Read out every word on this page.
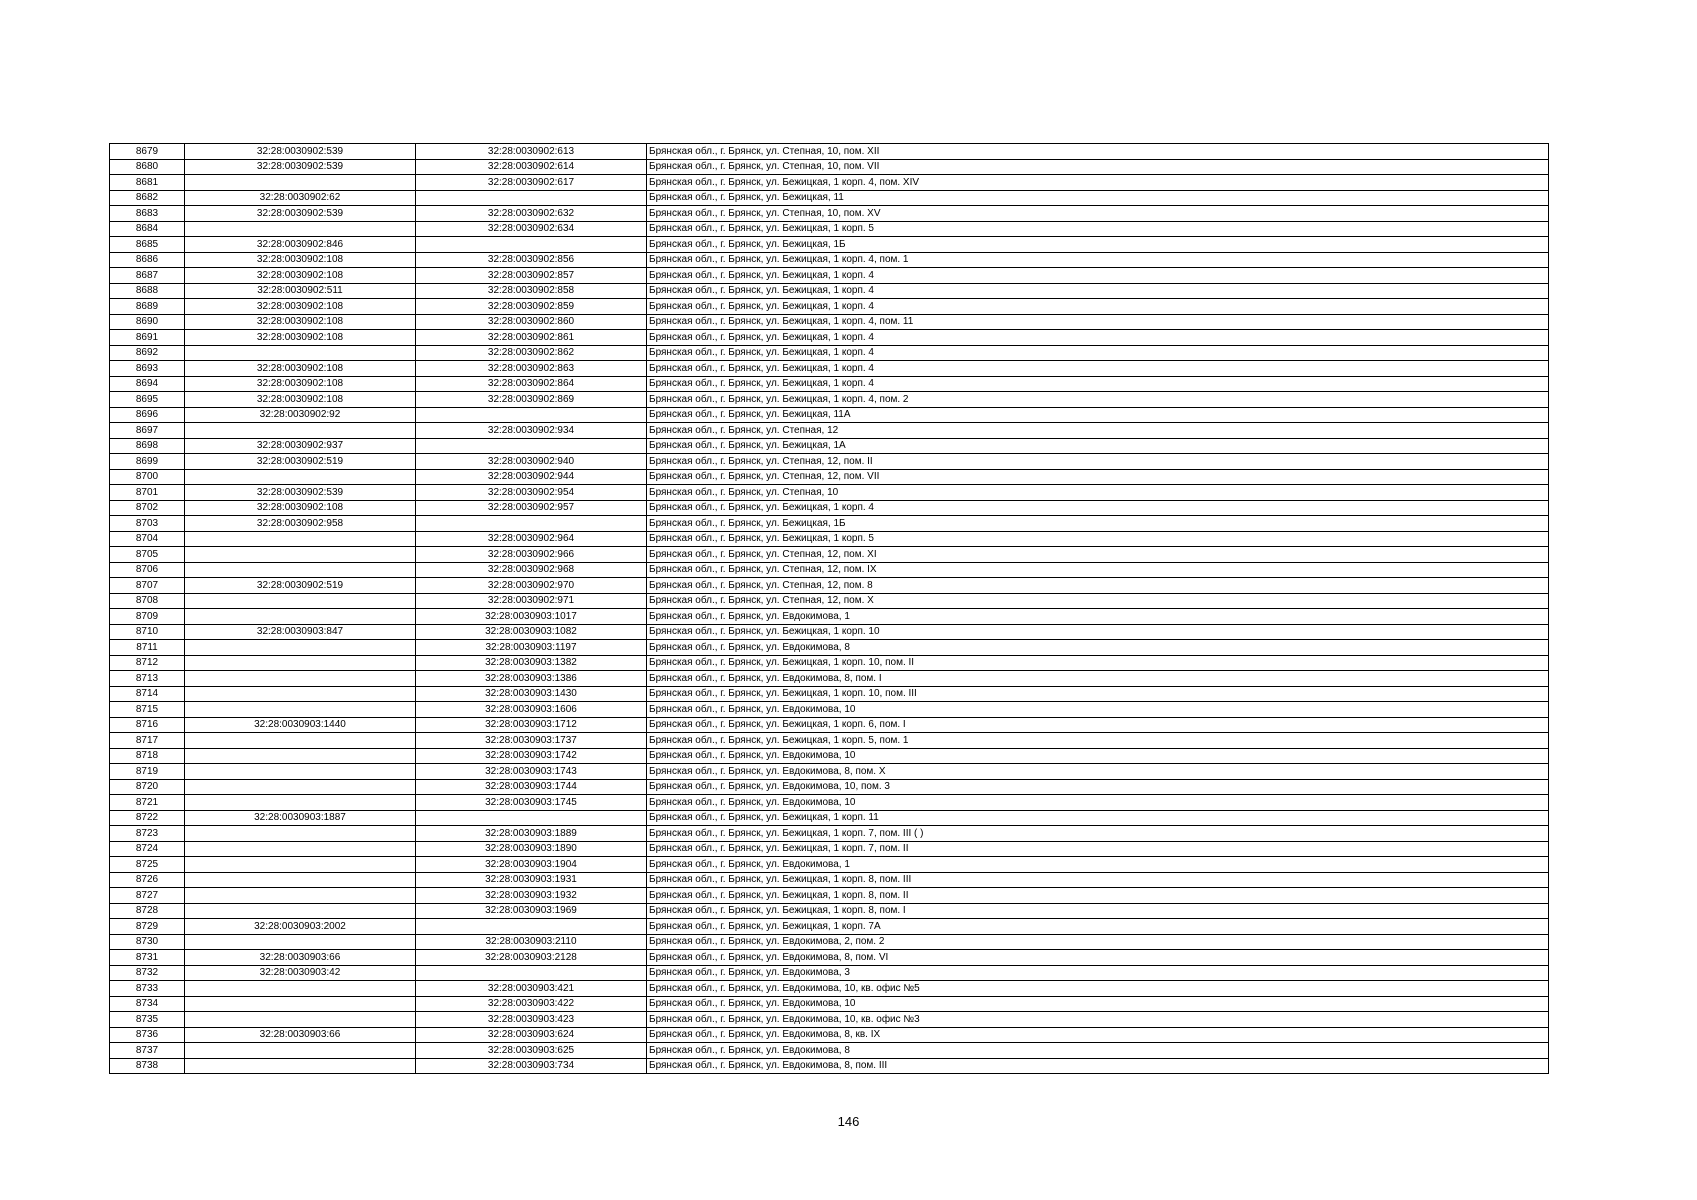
8679	32:28:0030902:539	32:28:0030902:613	Брянская обл., г. Брянск, ул. Степная, 10, пом. XII
8680	32:28:0030902:539	32:28:0030902:614	Брянская обл., г. Брянск, ул. Степная, 10, пом. VII
8681		32:28:0030902:617	Брянская обл., г. Брянск, ул. Бежицкая, 1 корп. 4, пом. XIV
8682	32:28:0030902:62		Брянская обл., г. Брянск, ул. Бежицкая, 11
8683	32:28:0030902:539	32:28:0030902:632	Брянская обл., г. Брянск, ул. Степная, 10, пом. XV
8684		32:28:0030902:634	Брянская обл., г. Брянск, ул. Бежицкая, 1 корп. 5
8685	32:28:0030902:846		Брянская обл., г. Брянск, ул. Бежицкая, 1Б
8686	32:28:0030902:108	32:28:0030902:856	Брянская обл., г. Брянск, ул. Бежицкая, 1 корп. 4, пом. 1
8687	32:28:0030902:108	32:28:0030902:857	Брянская обл., г. Брянск, ул. Бежицкая, 1 корп. 4
8688	32:28:0030902:511	32:28:0030902:858	Брянская обл., г. Брянск, ул. Бежицкая, 1 корп. 4
8689	32:28:0030902:108	32:28:0030902:859	Брянская обл., г. Брянск, ул. Бежицкая, 1 корп. 4
8690	32:28:0030902:108	32:28:0030902:860	Брянская обл., г. Брянск, ул. Бежицкая, 1 корп. 4, пом. 11
8691	32:28:0030902:108	32:28:0030902:861	Брянская обл., г. Брянск, ул. Бежицкая, 1 корп. 4
8692		32:28:0030902:862	Брянская обл., г. Брянск, ул. Бежицкая, 1 корп. 4
8693	32:28:0030902:108	32:28:0030902:863	Брянская обл., г. Брянск, ул. Бежицкая, 1 корп. 4
8694	32:28:0030902:108	32:28:0030902:864	Брянская обл., г. Брянск, ул. Бежицкая, 1 корп. 4
8695	32:28:0030902:108	32:28:0030902:869	Брянская обл., г. Брянск, ул. Бежицкая, 1 корп. 4, пом. 2
8696	32:28:0030902:92		Брянская обл., г. Брянск, ул. Бежицкая, 11А
8697		32:28:0030902:934	Брянская обл., г. Брянск, ул. Степная, 12
8698	32:28:0030902:937		Брянская обл., г. Брянск, ул. Бежицкая, 1А
8699	32:28:0030902:519	32:28:0030902:940	Брянская обл., г. Брянск, ул. Степная, 12, пом. II
8700		32:28:0030902:944	Брянская обл., г. Брянск, ул. Степная, 12, пом. VII
8701	32:28:0030902:539	32:28:0030902:954	Брянская обл., г. Брянск, ул. Степная, 10
8702	32:28:0030902:108	32:28:0030902:957	Брянская обл., г. Брянск, ул. Бежицкая, 1 корп. 4
8703	32:28:0030902:958		Брянская обл., г. Брянск, ул. Бежицкая, 1Б
8704		32:28:0030902:964	Брянская обл., г. Брянск, ул. Бежицкая, 1 корп. 5
8705		32:28:0030902:966	Брянская обл., г. Брянск, ул. Степная, 12, пом. XI
8706		32:28:0030902:968	Брянская обл., г. Брянск, ул. Степная, 12, пом. IX
8707	32:28:0030902:519	32:28:0030902:970	Брянская обл., г. Брянск, ул. Степная, 12, пом. 8
8708		32:28:0030902:971	Брянская обл., г. Брянск, ул. Степная, 12, пом. X
8709		32:28:0030903:1017	Брянская обл., г. Брянск, ул. Евдокимова, 1
8710	32:28:0030903:847	32:28:0030903:1082	Брянская обл., г. Брянск, ул. Бежицкая, 1 корп. 10
8711		32:28:0030903:1197	Брянская обл., г. Брянск, ул. Евдокимова, 8
8712		32:28:0030903:1382	Брянская обл., г. Брянск, ул. Бежицкая, 1 корп. 10, пом. II
8713		32:28:0030903:1386	Брянская обл., г. Брянск, ул. Евдокимова, 8, пом. I
8714		32:28:0030903:1430	Брянская обл., г. Брянск, ул. Бежицкая, 1 корп. 10, пом. III
8715		32:28:0030903:1606	Брянская обл., г. Брянск, ул. Евдокимова, 10
8716	32:28:0030903:1440	32:28:0030903:1712	Брянская обл., г. Брянск, ул. Бежицкая, 1 корп. 6, пом. I
8717		32:28:0030903:1737	Брянская обл., г. Брянск, ул. Бежицкая, 1 корп. 5, пом. 1
8718		32:28:0030903:1742	Брянская обл., г. Брянск, ул. Евдокимова, 10
8719		32:28:0030903:1743	Брянская обл., г. Брянск, ул. Евдокимова, 8, пом. X
8720		32:28:0030903:1744	Брянская обл., г. Брянск, ул. Евдокимова, 10, пом. 3
8721		32:28:0030903:1745	Брянская обл., г. Брянск, ул. Евдокимова, 10
8722	32:28:0030903:1887		Брянская обл., г. Брянск, ул. Бежицкая, 1 корп. 11
8723		32:28:0030903:1889	Брянская обл., г. Брянск, ул. Бежицкая, 1 корп. 7, пом. III ( )
8724		32:28:0030903:1890	Брянская обл., г. Брянск, ул. Бежицкая, 1 корп. 7, пом. II
8725		32:28:0030903:1904	Брянская обл., г. Брянск, ул. Евдокимова, 1
8726		32:28:0030903:1931	Брянская обл., г. Брянск, ул. Бежицкая, 1 корп. 8, пом. III
8727		32:28:0030903:1932	Брянская обл., г. Брянск, ул. Бежицкая, 1 корп. 8, пом. II
8728		32:28:0030903:1969	Брянская обл., г. Брянск, ул. Бежицкая, 1 корп. 8, пом. I
8729	32:28:0030903:2002		Брянская обл., г. Брянск, ул. Бежицкая, 1 корп. 7А
8730		32:28:0030903:2110	Брянская обл., г. Брянск, ул. Евдокимова, 2, пом. 2
8731	32:28:0030903:66	32:28:0030903:2128	Брянская обл., г. Брянск, ул. Евдокимова, 8, пом. VI
8732	32:28:0030903:42		Брянская обл., г. Брянск, ул. Евдокимова, 3
8733		32:28:0030903:421	Брянская обл., г. Брянск, ул. Евдокимова, 10, кв. офис №5
8734		32:28:0030903:422	Брянская обл., г. Брянск, ул. Евдокимова, 10
8735		32:28:0030903:423	Брянская обл., г. Брянск, ул. Евдокимова, 10, кв. офис №3
8736	32:28:0030903:66	32:28:0030903:624	Брянская обл., г. Брянск, ул. Евдокимова, 8, кв. IX
8737		32:28:0030903:625	Брянская обл., г. Брянск, ул. Евдокимова, 8
8738		32:28:0030903:734	Брянская обл., г. Брянск, ул. Евдокимова, 8, пом. III
146
